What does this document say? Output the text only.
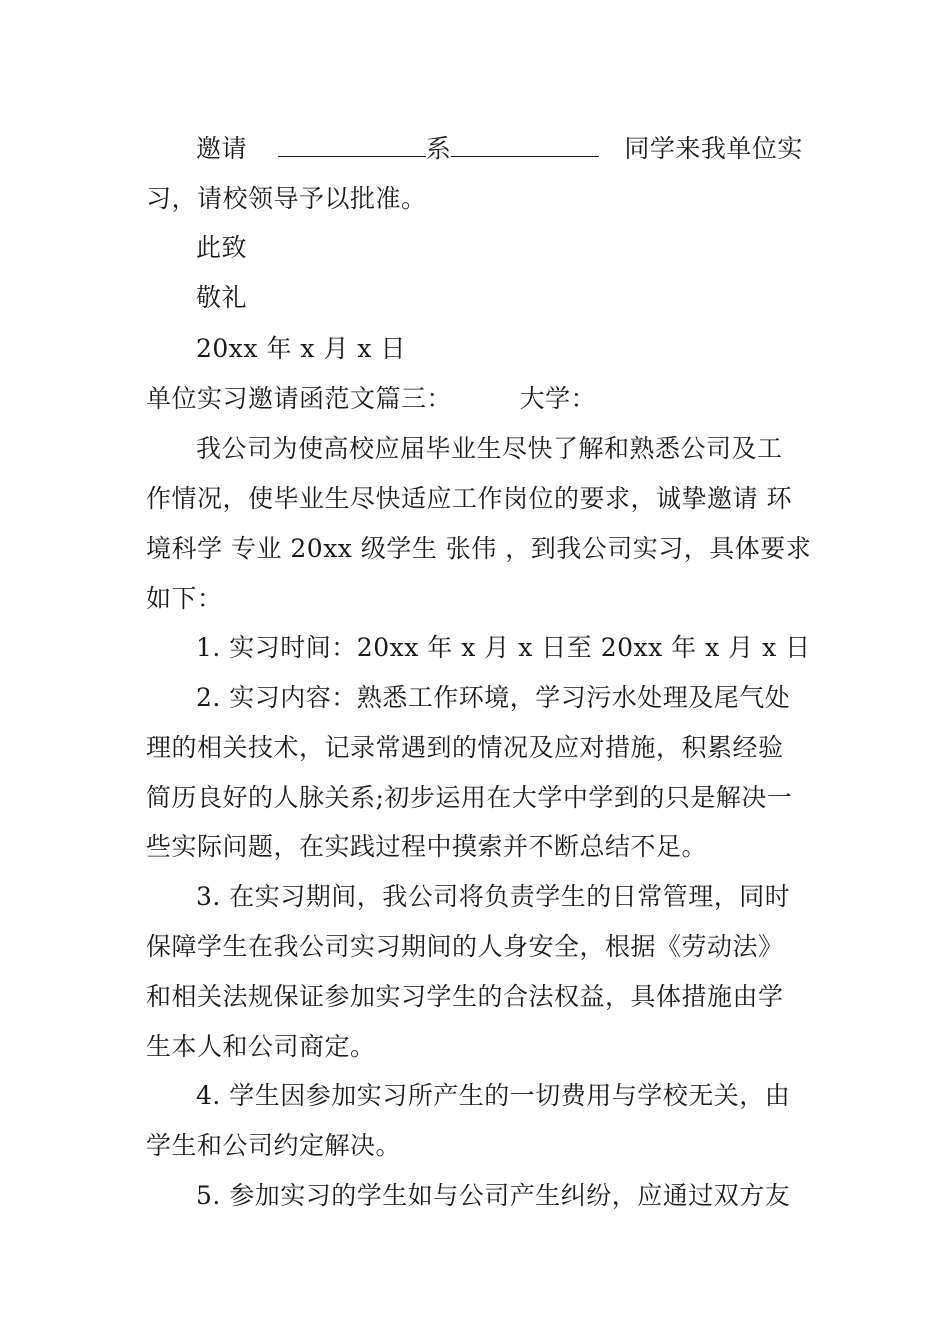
邀请	系	同学来我单位实
习，请校领导予以批准。
此致
敬礼
20xx 年 x 月 x 日
单位实习邀请函范文篇三：        大学：
我公司为使高校应届毕业生尽快了解和熟悉公司及工
作情况，使毕业生尽快适应工作岗位的要求，诚挚邀请 环
境科学 专业 20xx 级学生 张伟 ，到我公司实习，具体要求
如下：
1. 实习时间：20xx 年 x 月 x 日至 20xx 年 x 月 x 日
2. 实习内容：熟悉工作环境，学习污水处理及尾气处
理的相关技术，记录常遇到的情况及应对措施，积累经验
简历良好的人脉关系;初步运用在大学中学到的只是解决一
些实际问题，在实践过程中摸索并不断总结不足。
3. 在实习期间，我公司将负责学生的日常管理，同时
保障学生在我公司实习期间的人身安全，根据《劳动法》
和相关法规保证参加实习学生的合法权益，具体措施由学
生本人和公司商定。
4. 学生因参加实习所产生的一切费用与学校无关，由
学生和公司约定解决。
5. 参加实习的学生如与公司产生纠纷，应通过双方友
